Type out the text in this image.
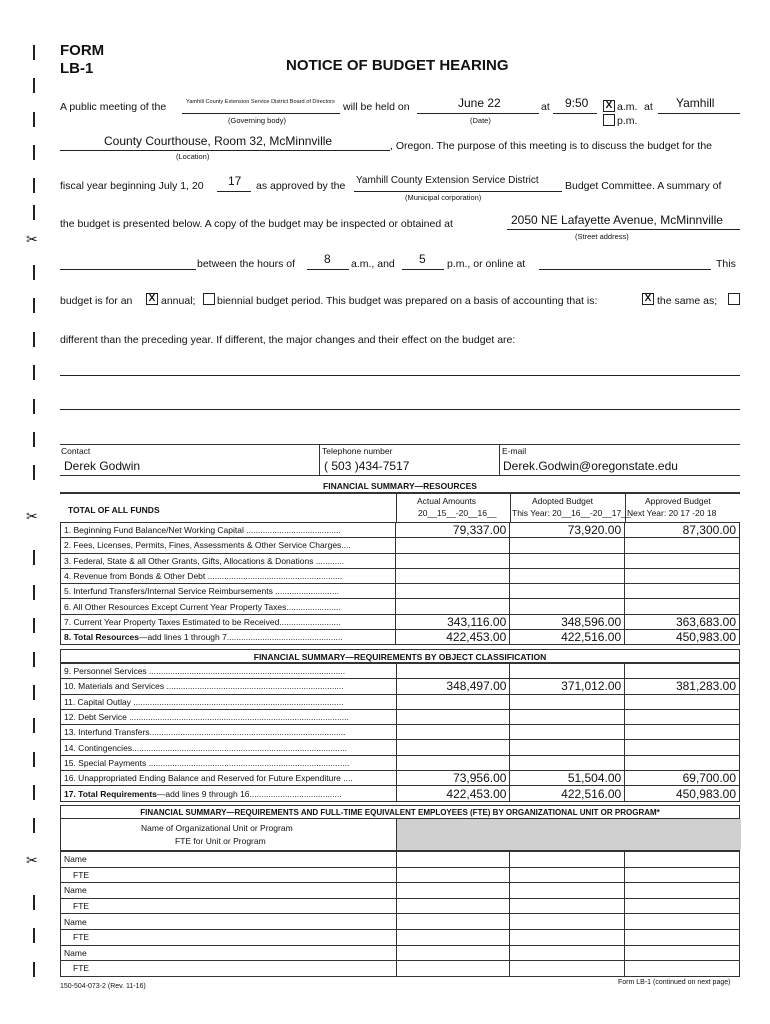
✂
✂
✂
FORM
LB-1	NOTICE OF BUDGET HEARING
A public meeting of the	Yamhill County Extension Service District Board of Directors
(Governing body)
will be held on	June 22
(Date)
at 9:50 X a.m.
p.m.
at Yamhill
County Courthouse, Room 32, McMinnville
(Location)
, Oregon. The purpose of this meeting is to discuss the budget for the
fiscal year beginning July 1, 20 17 as approved by the Yamhill County Extension Service District
(Municipal corporation)
Budget Committee. A summary of
the budget is presented below. A copy of the budget may be inspected or obtained at	2050 NE Lafayette Avenue, McMinnville
(Street address)
between the hours of 8 a.m., and 5 p.m., or online at	This
budget is for an X annual; biennial budget period. This budget was prepared on a basis of accounting that is:	X the same as;
different than the preceding year. If different, the major changes and their effect on the budget are:
Contact
Derek Godwin
Telephone number
( 503 )434-7517
E-mail
Derek.Godwin@oregonstate.edu
FINANCIAL SUMMARY—RESOURCES
TOTAL OF ALL FUNDS
Actual Amounts
20__15__-20__16__
Adopted Budget
This Year: 20__16__-20__17__
Approved Budget
Next Year: 20 17 -20 18
1. Beginning Fund Balance/Net Working Capital ........................................	79,337.00	73,920.00	87,300.00
2. Fees, Licenses, Permits, Fines, Assessments & Other Service Charges....			
3. Federal, State & all Other Grants, Gifts, Allocations & Donations ............			
4. Revenue from Bonds & Other Debt .........................................................			
5. Interfund Transfers/Internal Service Reimbursements ...........................			
6. All Other Resources Except Current Year Property Taxes.......................			
7. Current Year Property Taxes Estimated to be Received..........................	343,116.00	348,596.00	363,683.00
8. Total Resources—add lines 1 through 7.................................................	422,453.00	422,516.00	450,983.00
FINANCIAL SUMMARY—REQUIREMENTS BY OBJECT CLASSIFICATION
9. Personnel Services ...................................................................................			
10. Materials and Services ...........................................................................	348,497.00	371,012.00	381,283.00
11. Capital Outlay .........................................................................................			
12. Debt Service .............................................................................................			
13. Interfund Transfers...................................................................................			
14. Contingencies...........................................................................................			
15. Special Payments .....................................................................................			
16. Unappropriated Ending Balance and Reserved for Future Expenditure ....	73,956.00	51,504.00	69,700.00
17. Total Requirements—add lines 9 through 16.......................................	422,453.00	422,516.00	450,983.00
FINANCIAL SUMMARY—REQUIREMENTS AND FULL-TIME EQUIVALENT EMPLOYEES (FTE) BY ORGANIZATIONAL UNIT OR PROGRAM*
Name of Organizational Unit or Program
FTE for Unit or Program
Name			
FTE			
Name			
FTE			
Name			
FTE			
Name			
FTE			
150-504-073-2 (Rev. 11-16)
Form LB-1 (continued on next page)
